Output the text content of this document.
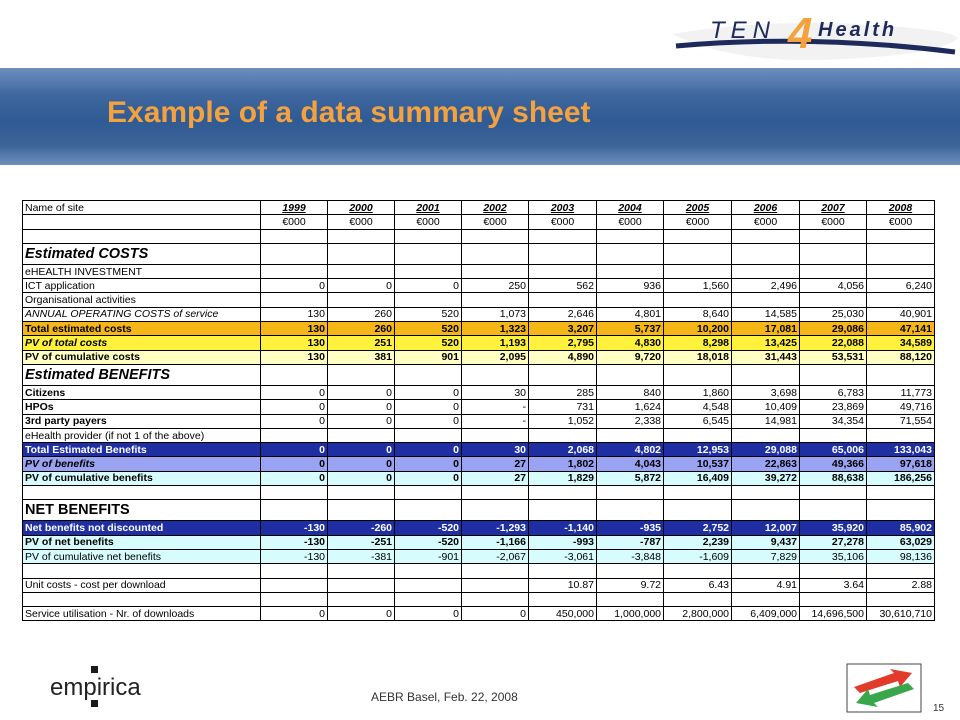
TEN 4 Health
Example of a data summary sheet
Name of site	1999	2000	2001	2002	2003	2004	2005	2006	2007	2008
	€000	€000	€000	€000	€000	€000	€000	€000	€000	€000

Estimated COSTS										
eHEALTH INVESTMENT										
ICT application	0	0	0	250	562	936	1,560	2,496	4,056	6,240
Organisational activities										
ANNUAL OPERATING COSTS of service	130	260	520	1,073	2,646	4,801	8,640	14,585	25,030	40,901
Total estimated costs	130	260	520	1,323	3,207	5,737	10,200	17,081	29,086	47,141
PV of total costs	130	251	520	1,193	2,795	4,830	8,298	13,425	22,088	34,589
PV of cumulative costs	130	381	901	2,095	4,890	9,720	18,018	31,443	53,531	88,120
Estimated BENEFITS										
Citizens	0	0	0	30	285	840	1,860	3,698	6,783	11,773
HPOs	0	0	0	-	731	1,624	4,548	10,409	23,869	49,716
3rd party payers	0	0	0	-	1,052	2,338	6,545	14,981	34,354	71,554
eHealth provider (if not 1 of the above)										
Total Estimated Benefits	0	0	0	30	2,068	4,802	12,953	29,088	65,006	133,043
PV of benefits	0	0	0	27	1,802	4,043	10,537	22,863	49,366	97,618
PV of cumulative benefits	0	0	0	27	1,829	5,872	16,409	39,272	88,638	186,256

NET BENEFITS										
Net benefits not discounted	-130	-260	-520	-1,293	-1,140	-935	2,752	12,007	35,920	85,902
PV of net benefits	-130	-251	-520	-1,166	-993	-787	2,239	9,437	27,278	63,029
PV of cumulative net benefits	-130	-381	-901	-2,067	-3,061	-3,848	-1,609	7,829	35,106	98,136

Unit costs - cost per download					10.87	9.72	6.43	4.91	3.64	2.88

Service utilisation - Nr. of downloads	0	0	0	0	450,000	1,000,000	2,800,000	6,409,000	14,696,500	30,610,710
empirica	AEBR Basel, Feb. 22, 2008
15
